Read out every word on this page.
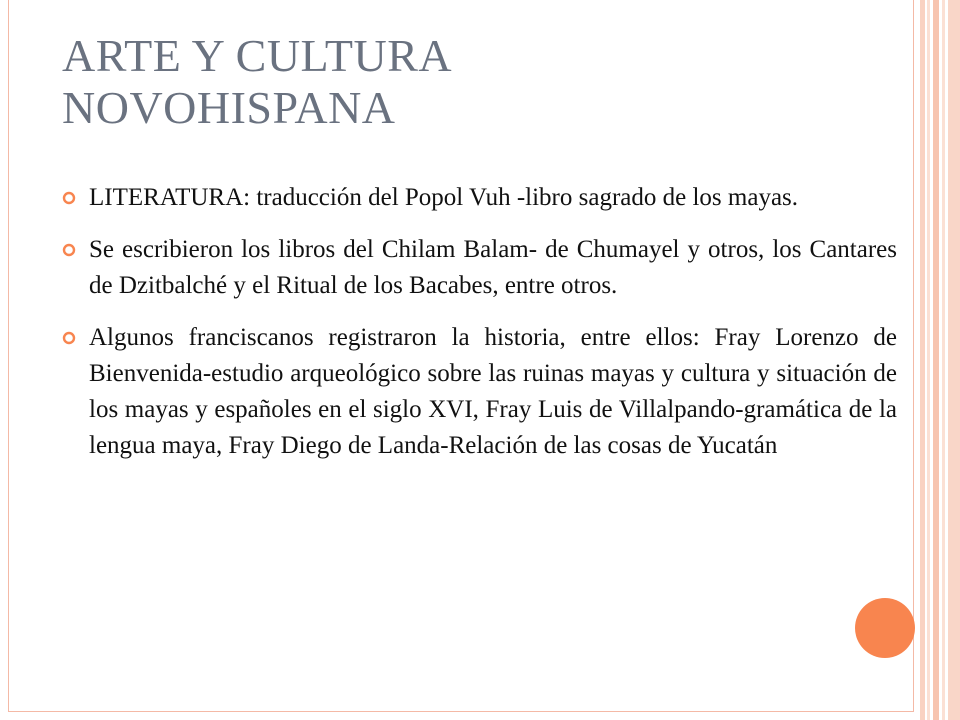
ARTE Y CULTURA
NOVOHISPANA
LITERATURA: traducción del Popol Vuh -libro sagrado de los mayas.
Se escribieron los libros del Chilam Balam- de Chumayel y otros, los Cantares de Dzitbalché y el Ritual de los Bacabes, entre otros.
Algunos franciscanos registraron la historia, entre ellos: Fray Lorenzo de Bienvenida-estudio arqueológico sobre las ruinas mayas y cultura y situación de los mayas y españoles en el siglo XVI, Fray Luis de Villalpando-gramática de la lengua maya, Fray Diego de Landa-Relación de las cosas de Yucatán
